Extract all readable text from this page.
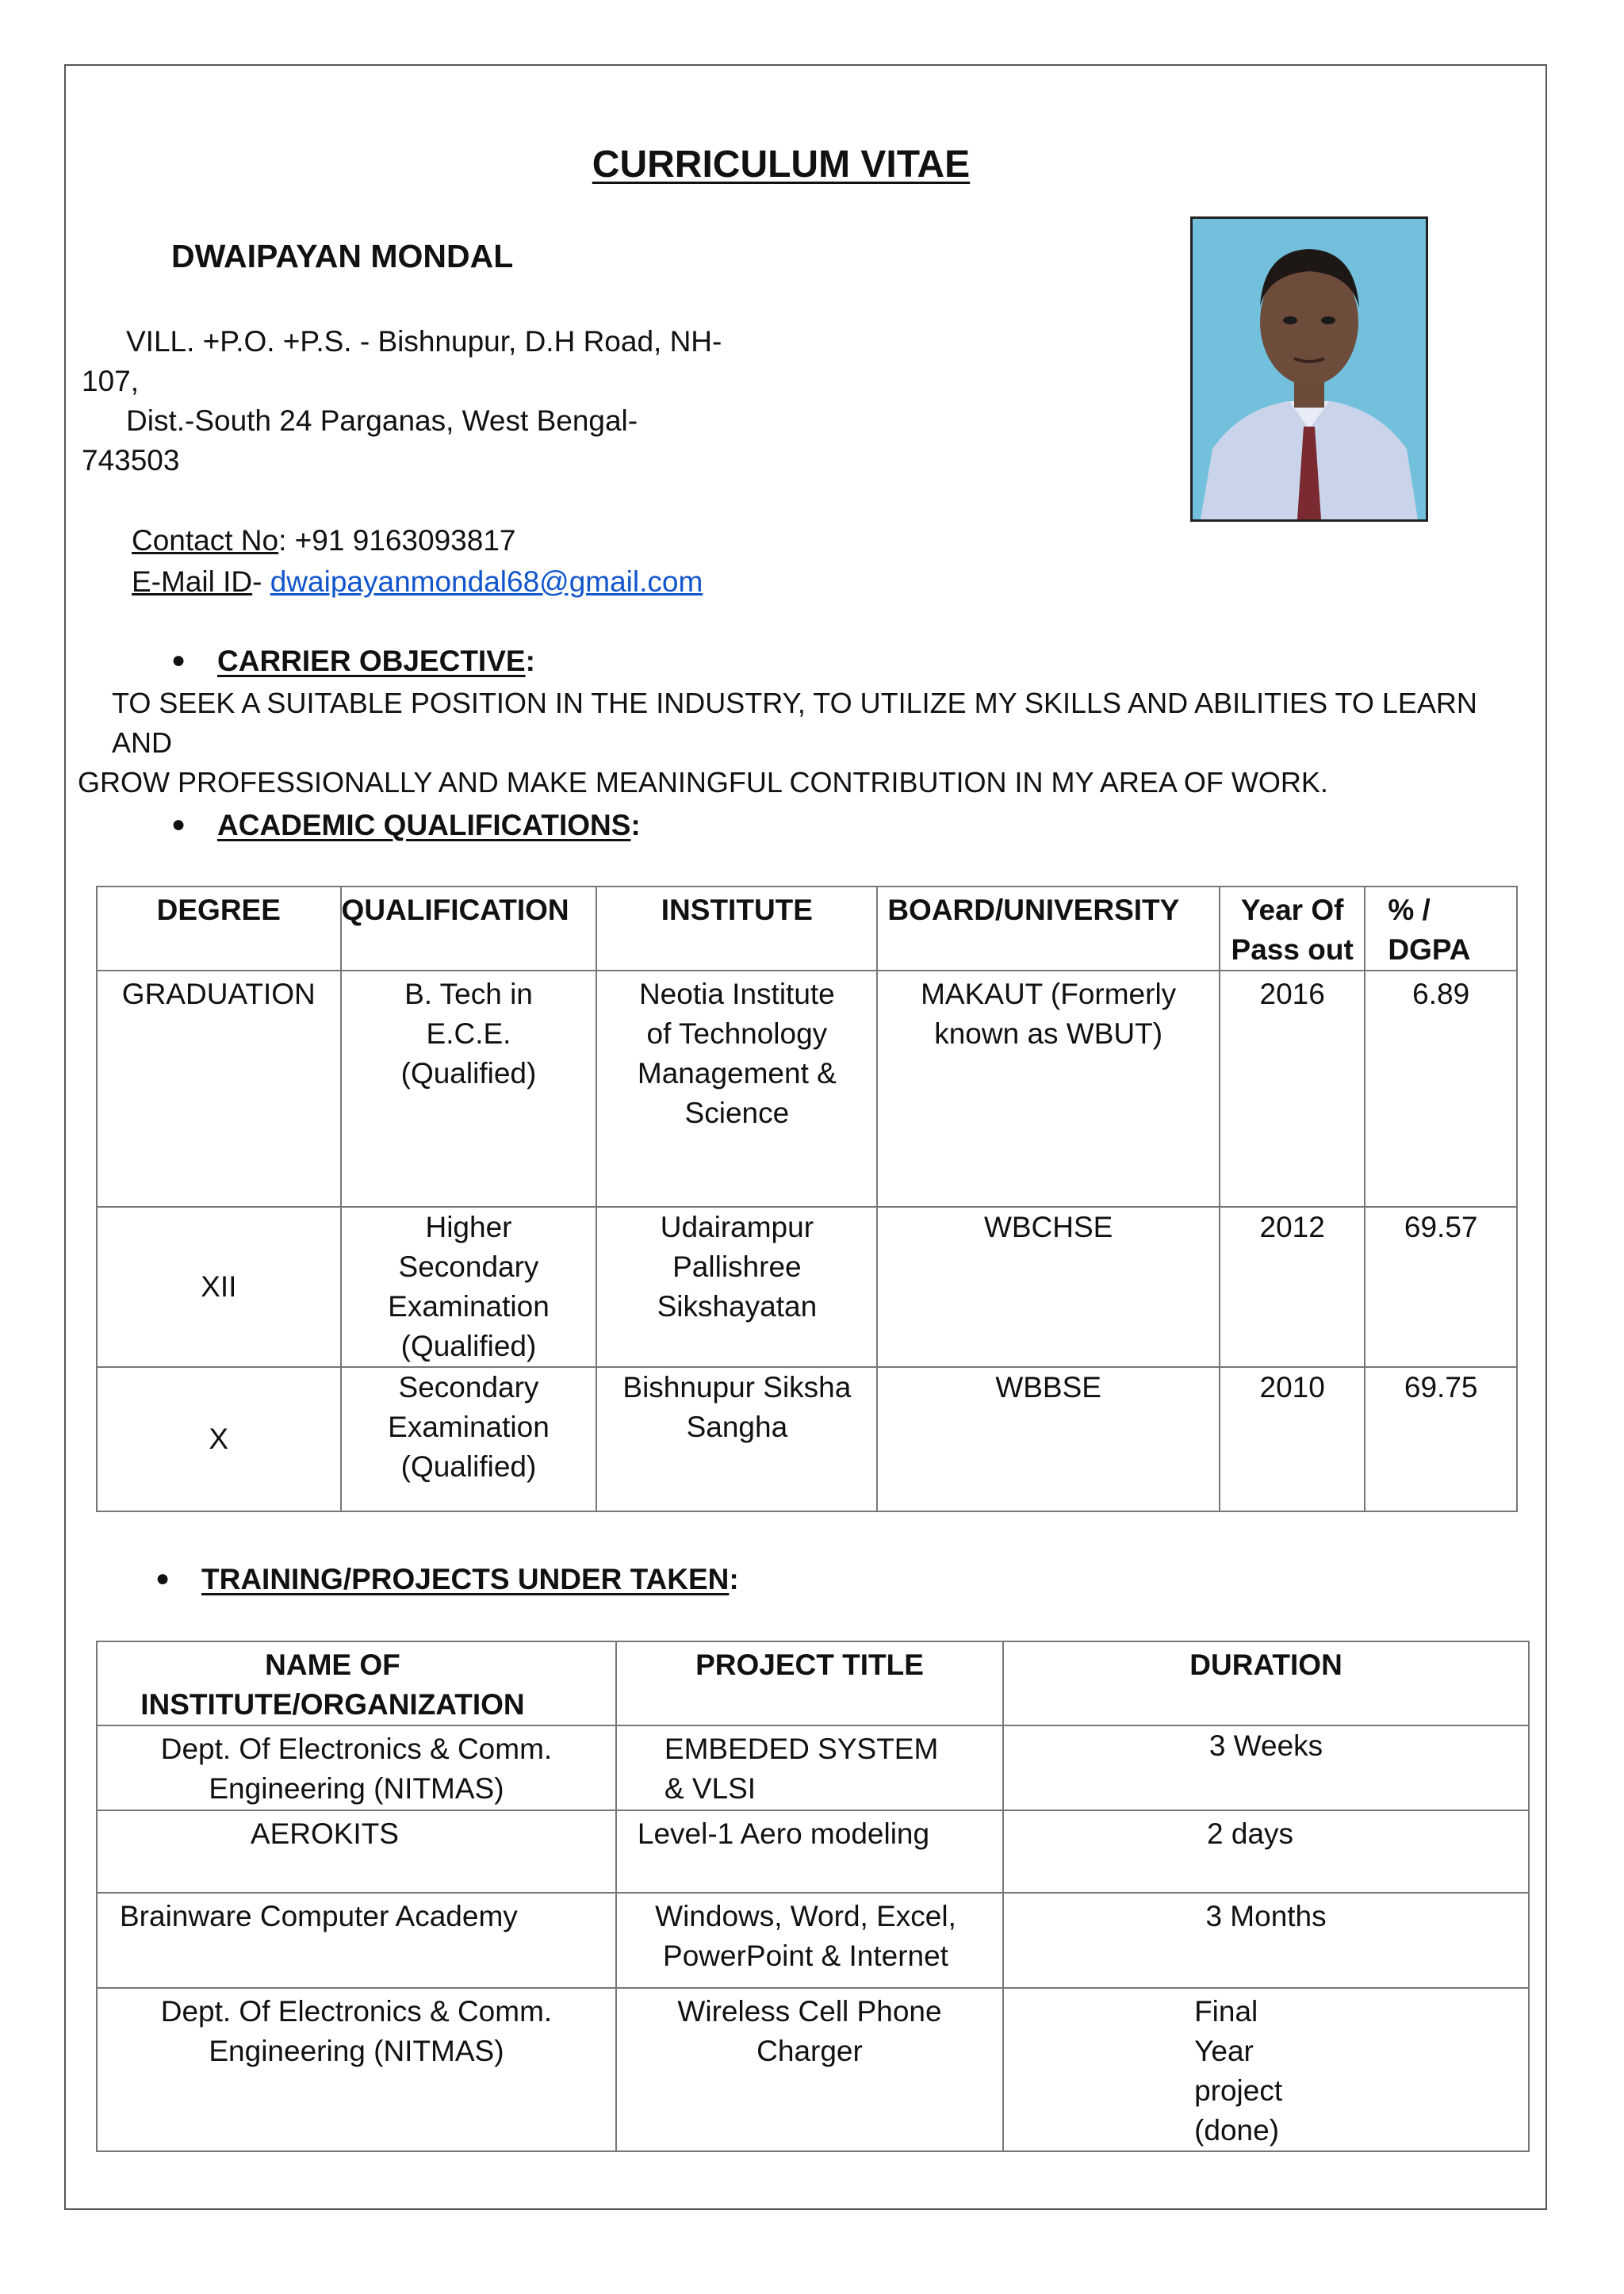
CURRICULUM VITAE
DWAIPAYAN MONDAL
VILL. +P.O. +P.S. - Bishnupur, D.H Road, NH-
107,
Dist.-South 24 Parganas, West Bengal-
743503
Contact No: +91 9163093817
E-Mail ID- dwaipayanmondal68@gmail.com
● CARRIER OBJECTIVE:
TO SEEK A SUITABLE POSITION IN THE INDUSTRY, TO UTILIZE MY SKILLS AND ABILITIES TO LEARN AND
GROW PROFESSIONALLY AND MAKE MEANINGFUL CONTRIBUTION IN MY AREA OF WORK.
● ACADEMIC QUALIFICATIONS:
DEGREE	QUALIFICATION	INSTITUTE	BOARD/UNIVERSITY	Year Of Pass out	% / DGPA
GRADUATION	B. Tech in E.C.E. (Qualified)	Neotia Institute of Technology Management & Science	MAKAUT (Formerly known as WBUT)	2016	6.89
XII	Higher Secondary Examination (Qualified)	Udairampur Pallishree Sikshayatan	WBCHSE	2012	69.57
X	Secondary Examination (Qualified)	Bishnupur Siksha Sangha	WBBSE	2010	69.75
● TRAINING/PROJECTS UNDER TAKEN:
NAME OF INSTITUTE/ORGANIZATION	PROJECT TITLE	DURATION
Dept. Of Electronics & Comm. Engineering (NITMAS)	EMBEDED SYSTEM & VLSI	3 Weeks
AEROKITS	Level-1 Aero modeling	2 days
Brainware Computer Academy	Windows, Word, Excel, PowerPoint & Internet	3 Months
Dept. Of Electronics & Comm. Engineering (NITMAS)	Wireless Cell Phone Charger	Final Year project (done)
